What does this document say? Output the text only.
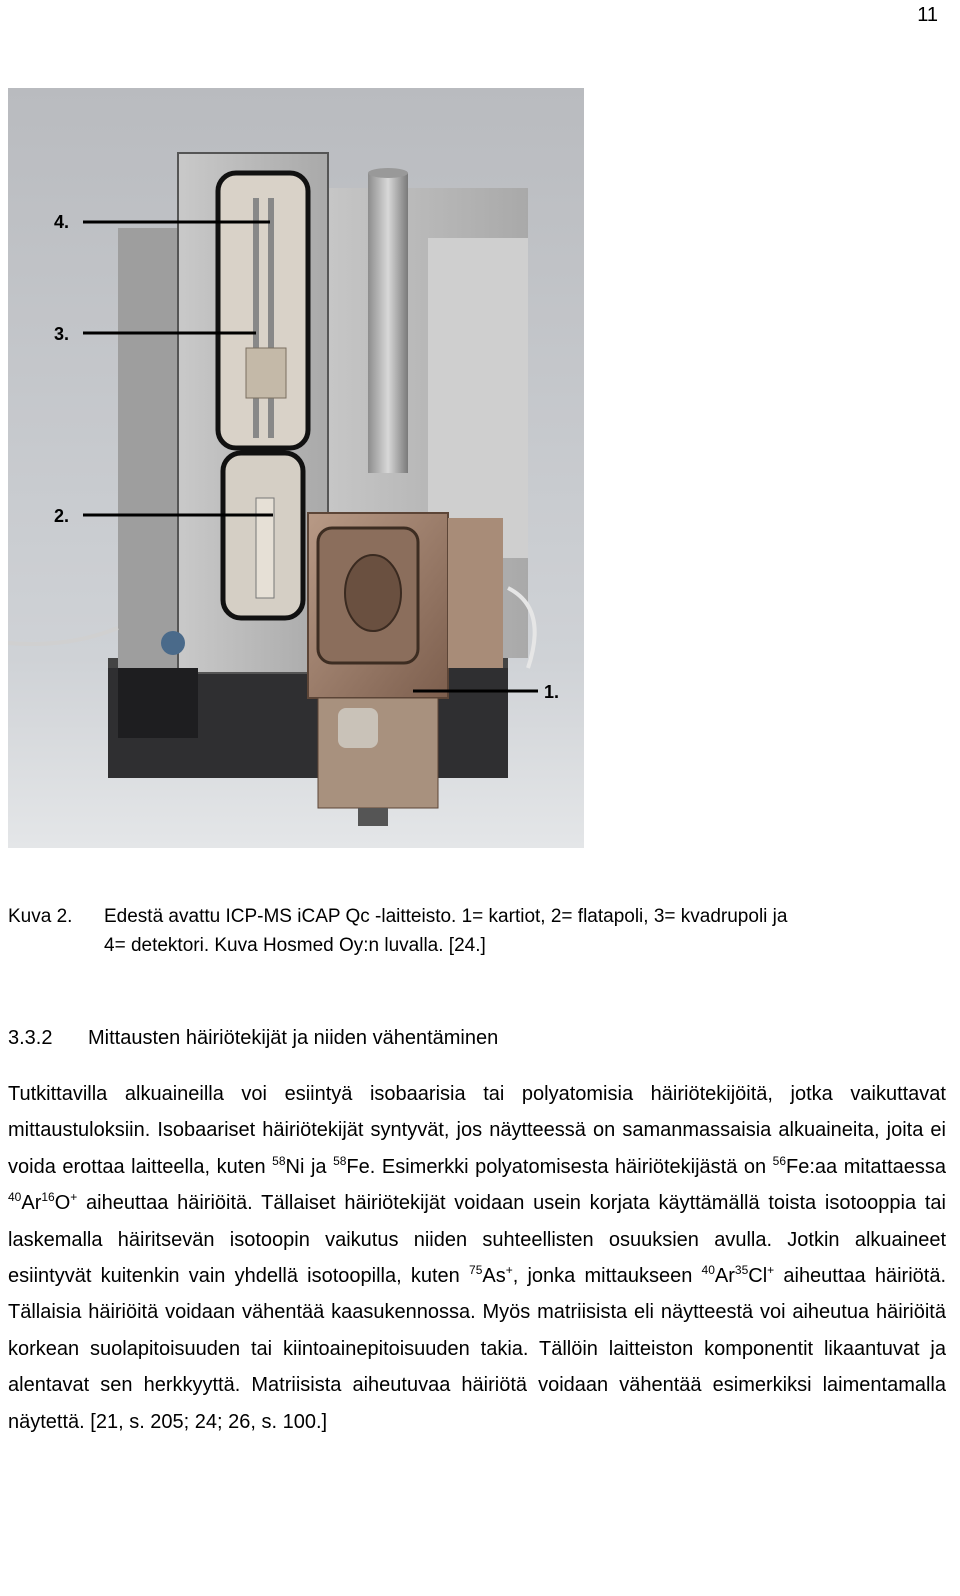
11
4.
3.
2.
1.
Kuva 2.	Edestä avattu ICP-MS iCAP Qc -laitteisto. 1= kartiot, 2= flatapoli, 3= kvadrupoli ja
4= detektori. Kuva Hosmed Oy:n luvalla. [24.]
3.3.2	Mittausten häiriötekijät ja niiden vähentäminen

Tutkittavilla alkuaineilla voi esiintyä isobaarisia tai polyatomisia häiriötekijöitä, jotka vaikuttavat mittaustuloksiin. Isobaariset häiriötekijät syntyvät, jos näytteessä on samanmassaisia alkuaineita, joita ei voida erottaa laitteella, kuten $^{58}$Ni ja $^{58}$Fe. Esimerkki polyatomisesta häiriötekijästä on $^{56}$Fe:aa mitattaessa $^{40}$Ar$^{16}$O+ aiheuttaa häiriöitä. Tällaiset häiriötekijät voidaan usein korjata käyttämällä toista isotooppia tai laskemalla häiritsevän isotoopin vaikutus niiden suhteellisten osuuksien avulla. Jotkin alkuaineet esiintyvät kuitenkin vain yhdellä isotoopilla, kuten $^{75}$As+, jonka mittaukseen $^{40}$Ar$^{35}$Cl+ aiheuttaa häiriötä. Tällaisia häiriöitä voidaan vähentää kaasukennossa. Myös matriisista eli näytteestä voi aiheutua häiriöitä korkean suolapitoisuuden tai kiintoainepitoisuuden takia. Tällöin laitteiston komponentit likaantuvat ja alentavat sen herkkyyttä. Matriisista aiheutuvaa häiriötä voidaan vähentää esimerkiksi laimentamalla näytettä. [21, s. 205; 24; 26, s. 100.]
